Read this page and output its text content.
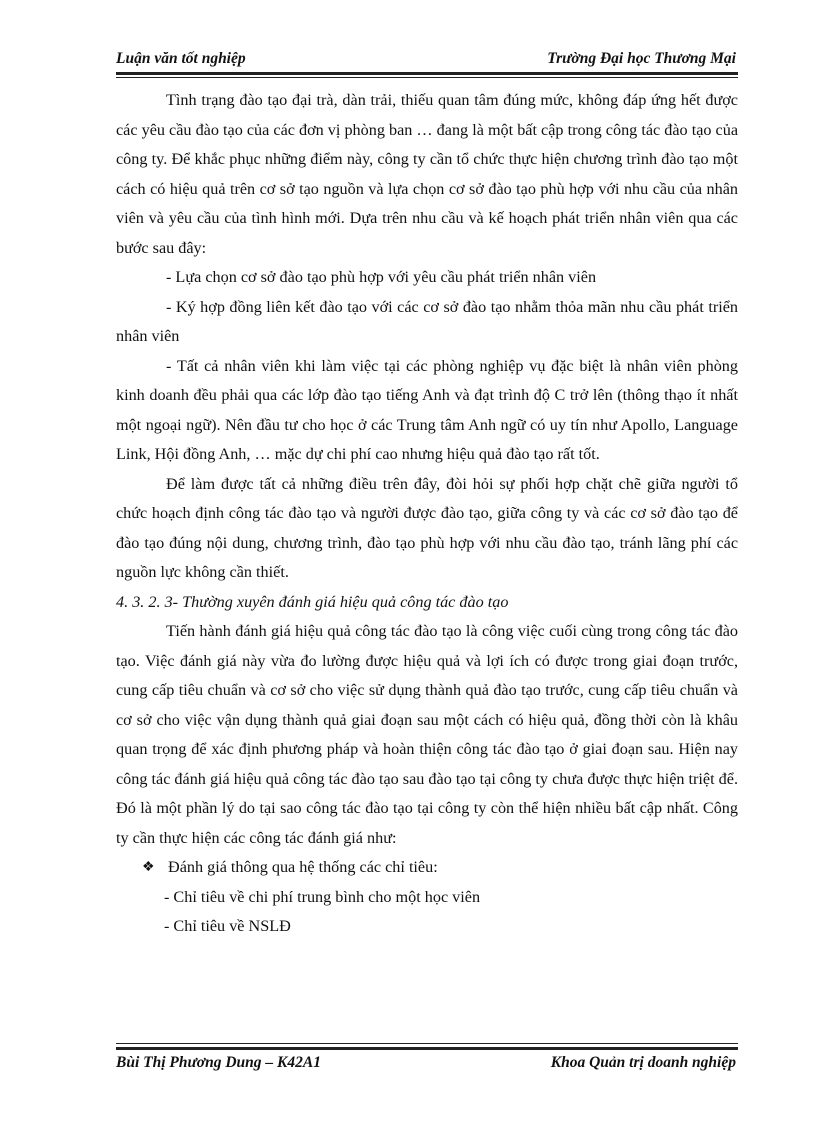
Luận văn tốt nghiệp	Trường Đại học Thương Mại

Tình trạng đào tạo đại trà, dàn trải, thiếu quan tâm đúng mức, không đáp ứng hết được các yêu cầu đào tạo của các đơn vị phòng ban … đang là một bất cập trong công tác đào tạo của công ty. Để khắc phục những điểm này, công ty cần tổ chức thực hiện chương trình đào tạo một cách có hiệu quả trên cơ sở tạo nguồn và lựa chọn cơ sở đào tạo phù hợp với nhu cầu của nhân viên và yêu cầu của tình hình mới. Dựa trên nhu cầu và kế hoạch phát triển nhân viên qua các bước sau đây:

- Lựa chọn cơ sở đào tạo phù hợp với yêu cầu phát triển nhân viên

- Ký hợp đồng liên kết đào tạo với các cơ sở đào tạo nhằm thỏa mãn nhu cầu phát triển nhân viên

- Tất cả nhân viên khi làm việc tại các phòng nghiệp vụ đặc biệt là nhân viên phòng kinh doanh đều phải qua các lớp đào tạo tiếng Anh và đạt trình độ C trở lên (thông thạo ít nhất một ngoại ngữ). Nên đầu tư cho học ở các Trung tâm Anh ngữ có uy tín như Apollo, Language Link, Hội đồng Anh, … mặc dự chi phí cao nhưng hiệu quả đào tạo rất tốt.

Để làm được tất cả những điều trên đây, đòi hỏi sự phối hợp chặt chẽ giữa người tổ chức hoạch định công tác đào tạo và người được đào tạo, giữa công ty và các cơ sở đào tạo để đào tạo đúng nội dung, chương trình, đào tạo phù hợp với nhu cầu đào tạo, tránh lãng phí các nguồn lực không cần thiết.

4. 3. 2. 3- Thường xuyên đánh giá hiệu quả công tác đào tạo

Tiến hành đánh giá hiệu quả công tác đào tạo là công việc cuối cùng trong công tác đào tạo. Việc đánh giá này vừa đo lường được hiệu quả và lợi ích có được trong giai đoạn trước, cung cấp tiêu chuẩn và cơ sở cho việc sử dụng thành quả đào tạo trước, cung cấp tiêu chuẩn và cơ sở cho việc vận dụng thành quả giai đoạn sau một cách có hiệu quả, đồng thời còn là khâu quan trọng để xác định phương pháp và hoàn thiện công tác đào tạo ở giai đoạn sau. Hiện nay công tác đánh giá hiệu quả công tác đào tạo sau đào tạo tại công ty chưa được thực hiện triệt để. Đó là một phần lý do tại sao công tác đào tạo tại công ty còn thể hiện nhiều bất cập nhất. Công ty cần thực hiện các công tác đánh giá như:

❖ Đánh giá thông qua hệ thống các chỉ tiêu:

- Chỉ tiêu về chi phí trung bình cho một học viên

- Chỉ tiêu về NSLĐ

Bùi Thị Phương Dung – K42A1	Khoa Quản trị doanh nghiệp
